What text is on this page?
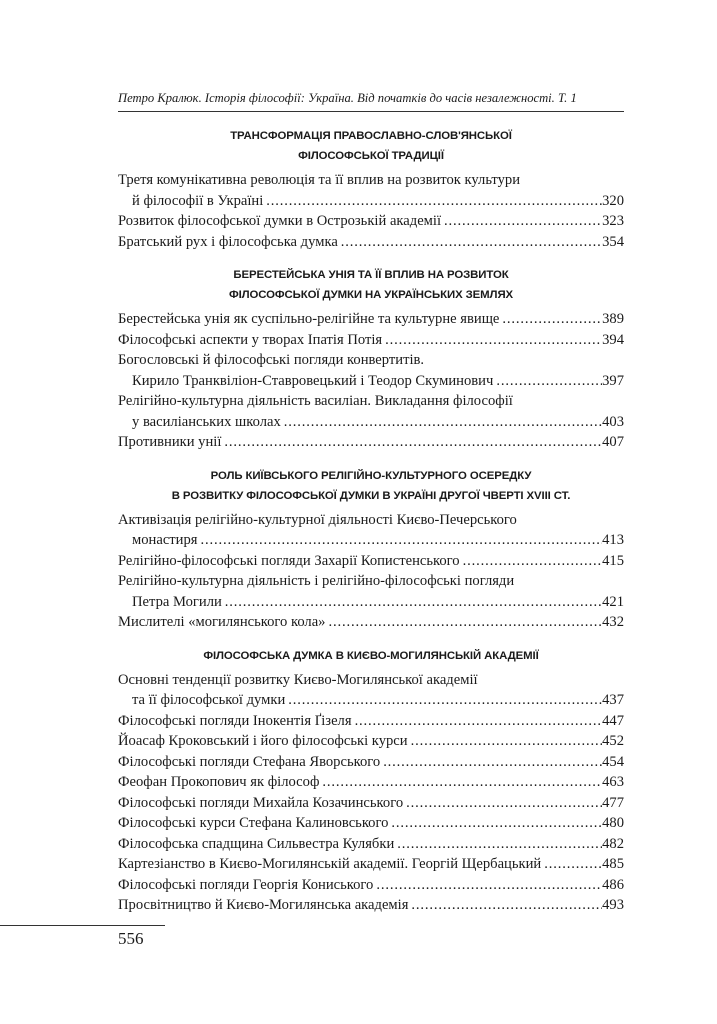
Петро Кралюк. Історія філософії: Україна. Від початків до часів незалежності. Т. 1
ТРАНСФОРМАЦІЯ ПРАВОСЛАВНО-СЛОВ'ЯНСЬКОЇ
ФІЛОСОФСЬКОЇ ТРАДИЦІЇ
Третя комунікативна революція та її вплив на розвиток культури
й філософії в Україні . . .	320
Розвиток філософської думки в Острозькій академії . . .	323
Братський рух і філософська думка . . .	354
БЕРЕСТЕЙСЬКА УНІЯ ТА ЇЇ ВПЛИВ НА РОЗВИТОК
ФІЛОСОФСЬКОЇ ДУМКИ НА УКРАЇНСЬКИХ ЗЕМЛЯХ
Берестейська унія як суспільно-релігійне та культурне явище . . .	389
Філософські аспекти у творах Іпатія Потія . . .	394
Богословські й філософські погляди конвертитів.
Кирило Транквіліон-Ставровецький і Теодор Скуминович . . .	397
Релігійно-культурна діяльність василіан. Викладання філософії
у василіанських школах . . .	403
Противники унії . . .	407
РОЛЬ КИЇВСЬКОГО РЕЛІГІЙНО-КУЛЬТУРНОГО ОСЕРЕДКУ
В РОЗВИТКУ ФІЛОСОФСЬКОЇ ДУМКИ В УКРАЇНІ ДРУГОЇ ЧВЕРТІ XVIII СТ.
Активізація релігійно-культурної діяльності Києво-Печерського
монастиря . . .	413
Релігійно-філософські погляди Захарії Копистенського . . .	415
Релігійно-культурна діяльність і релігійно-філософські погляди
Петра Могили . . .	421
Мислителі «могилянського кола» . . .	432
ФІЛОСОФСЬКА ДУМКА В КИЄВО-МОГИЛЯНСЬКІЙ АКАДЕМІЇ
Основні тенденції розвитку Києво-Могилянської академії
та її філософської думки . . .	437
Філософські погляди Інокентія Ґізеля . . .	447
Йоасаф Кроковський і його філософські курси . . .	452
Філософські погляди Стефана Яворського . . .	454
Феофан Прокопович як філософ . . .	463
Філософські погляди Михайла Козачинського . . .	477
Філософські курси Стефана Калиновського . . .	480
Філософська спадщина Сильвестра Кулябки . . .	482
Картезіанство в Києво-Могилянській академії. Георгій Щербацький . . .	485
Філософські погляди Георгія Кониського . . .	486
Просвітництво й Києво-Могилянська академія . . .	493
556
